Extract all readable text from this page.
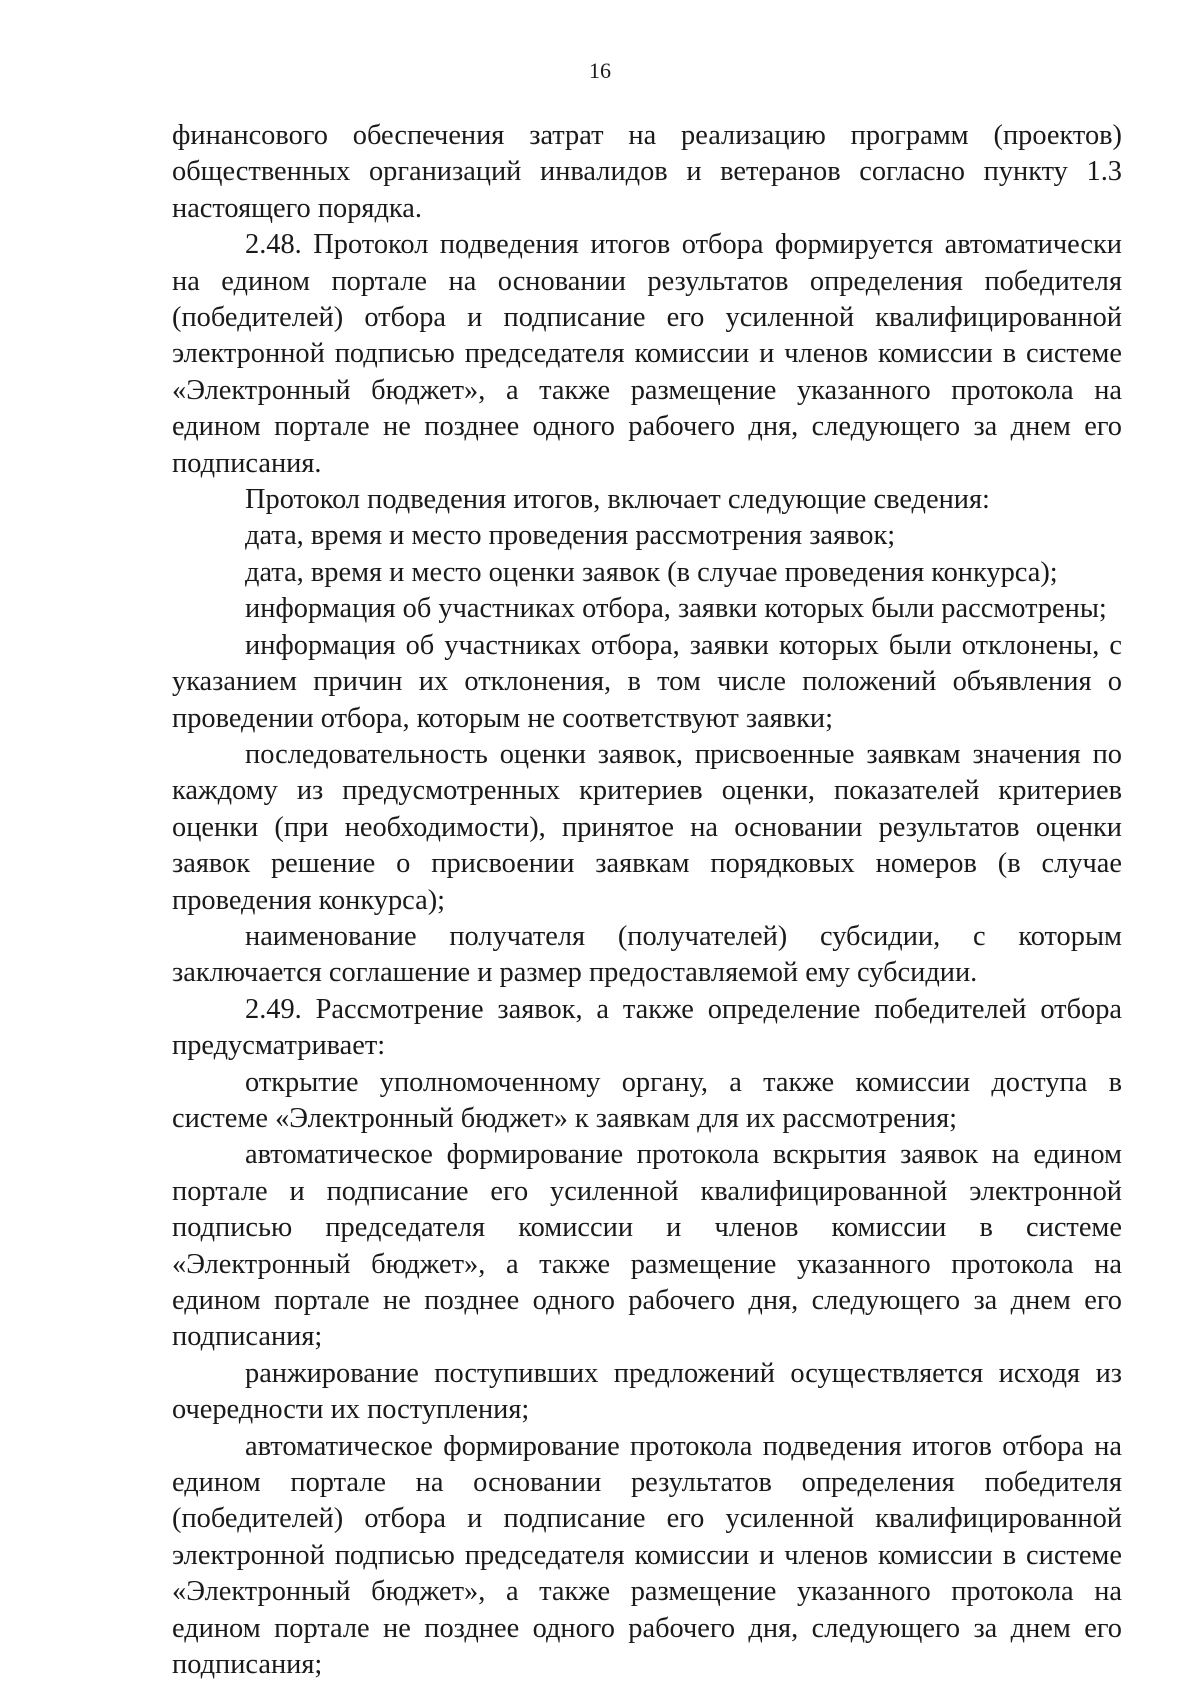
16

финансового обеспечения затрат на реализацию программ (проектов) общественных организаций инвалидов и ветеранов согласно пункту 1.3 настоящего порядка.

2.48. Протокол подведения итогов отбора формируется автоматически на едином портале на основании результатов определения победителя (победителей) отбора и подписание его усиленной квалифицированной электронной подписью председателя комиссии и членов комиссии в системе «Электронный бюджет», а также размещение указанного протокола на едином портале не позднее одного рабочего дня, следующего за днем его подписания.

Протокол подведения итогов, включает следующие сведения:

дата, время и место проведения рассмотрения заявок;

дата, время и место оценки заявок (в случае проведения конкурса);

информация об участниках отбора, заявки которых были рассмотрены;

информация об участниках отбора, заявки которых были отклонены, с указанием причин их отклонения, в том числе положений объявления о проведении отбора, которым не соответствуют заявки;

последовательность оценки заявок, присвоенные заявкам значения по каждому из предусмотренных критериев оценки, показателей критериев оценки (при необходимости), принятое на основании результатов оценки заявок решение о присвоении заявкам порядковых номеров (в случае проведения конкурса);

наименование получателя (получателей) субсидии, с которым заключается соглашение и размер предоставляемой ему субсидии.

2.49. Рассмотрение заявок, а также определение победителей отбора предусматривает:

открытие уполномоченному органу, а также комиссии доступа в системе «Электронный бюджет» к заявкам для их рассмотрения;

автоматическое формирование протокола вскрытия заявок на едином портале и подписание его усиленной квалифицированной электронной подписью председателя комиссии и членов комиссии в системе «Электронный бюджет», а также размещение указанного протокола на едином портале не позднее одного рабочего дня, следующего за днем его подписания;

ранжирование поступивших предложений осуществляется исходя из очередности их поступления;

автоматическое формирование протокола подведения итогов отбора на едином портале на основании результатов определения победителя (победителей) отбора и подписание его усиленной квалифицированной электронной подписью председателя комиссии и членов комиссии в системе «Электронный бюджет», а также размещение указанного протокола на едином портале не позднее одного рабочего дня, следующего за днем его подписания;
